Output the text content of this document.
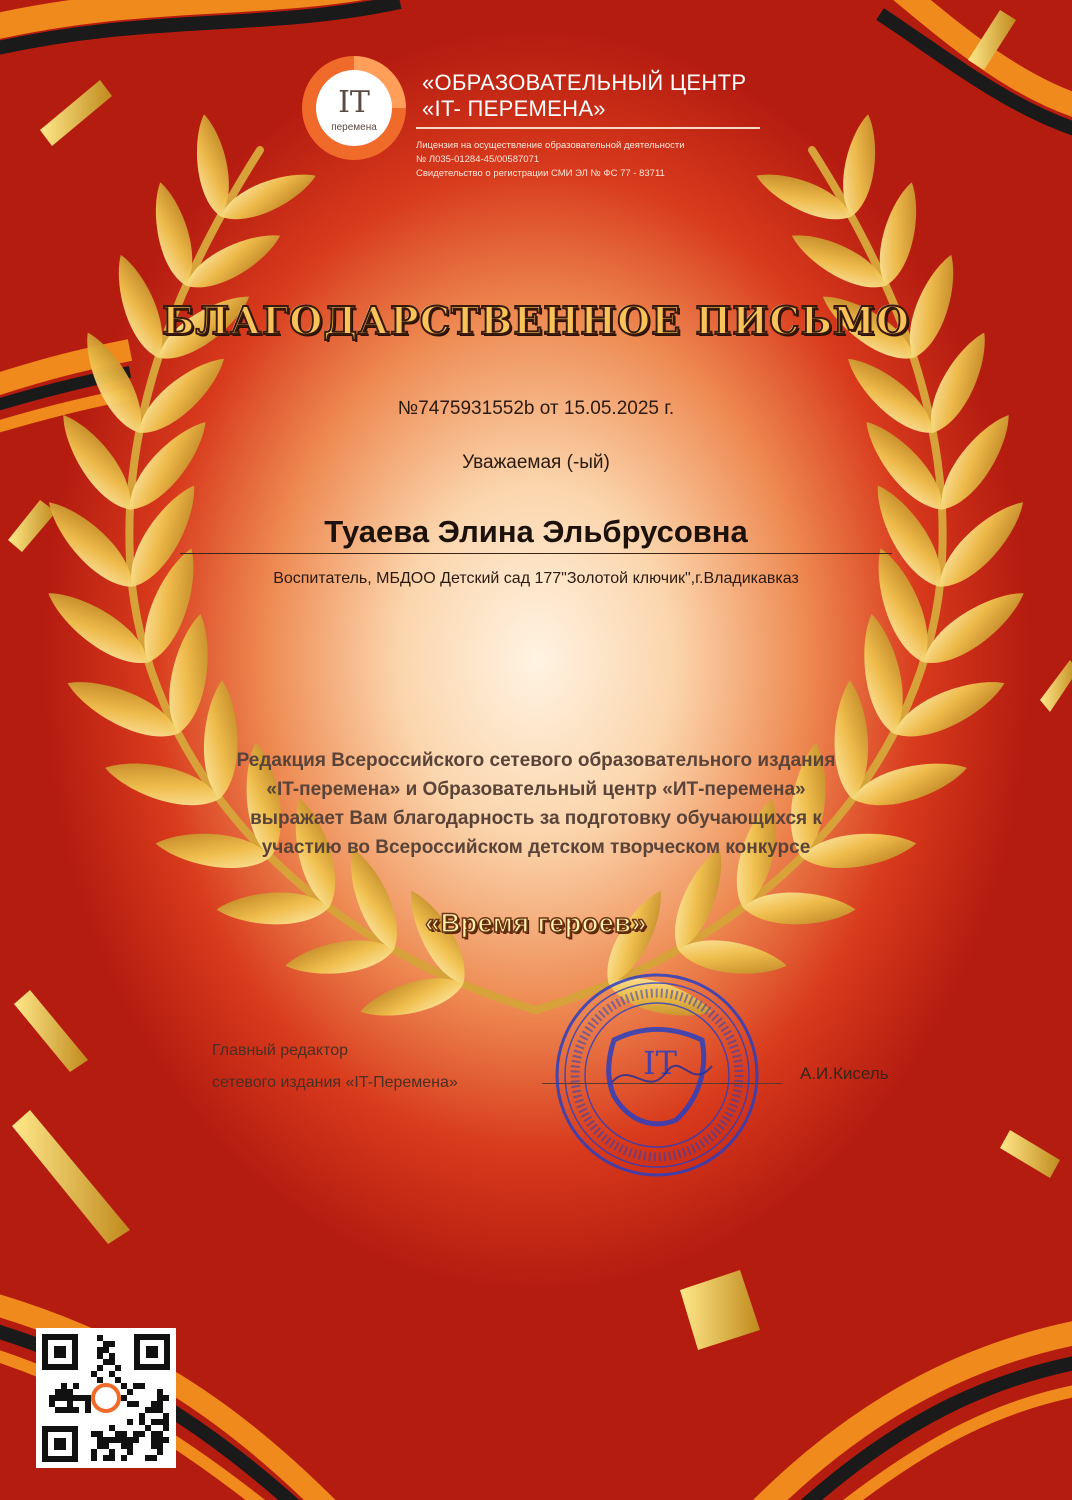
IT
перемена
«ОБРАЗОВАТЕЛЬНЫЙ ЦЕНТР
«IT- ПЕРЕМЕНА»
Лицензия на осуществление образовательной деятельности
№ Л035-01284-45/00587071
Свидетельство о регистрации СМИ ЭЛ № ФС 77 - 83711
БЛАГОДАРСТВЕННОЕ ПИСЬМО
№7475931552b от 15.05.2025 г.
Уважаемая (-ый)
Туаева Элина Эльбрусовна
Воспитатель, МБДОО Детский сад 177"Золотой ключик",г.Владикавказ
Редакция Всероссийского сетевого образовательного издания
«IT-перемена» и Образовательный центр «ИТ-перемена»
выражает Вам благодарность за подготовку обучающихся к
участию во Всероссийском детском творческом конкурсе
«Время героев»
Главный редактор
сетевого издания «IT-Перемена»	А.И.Кисель
IT
